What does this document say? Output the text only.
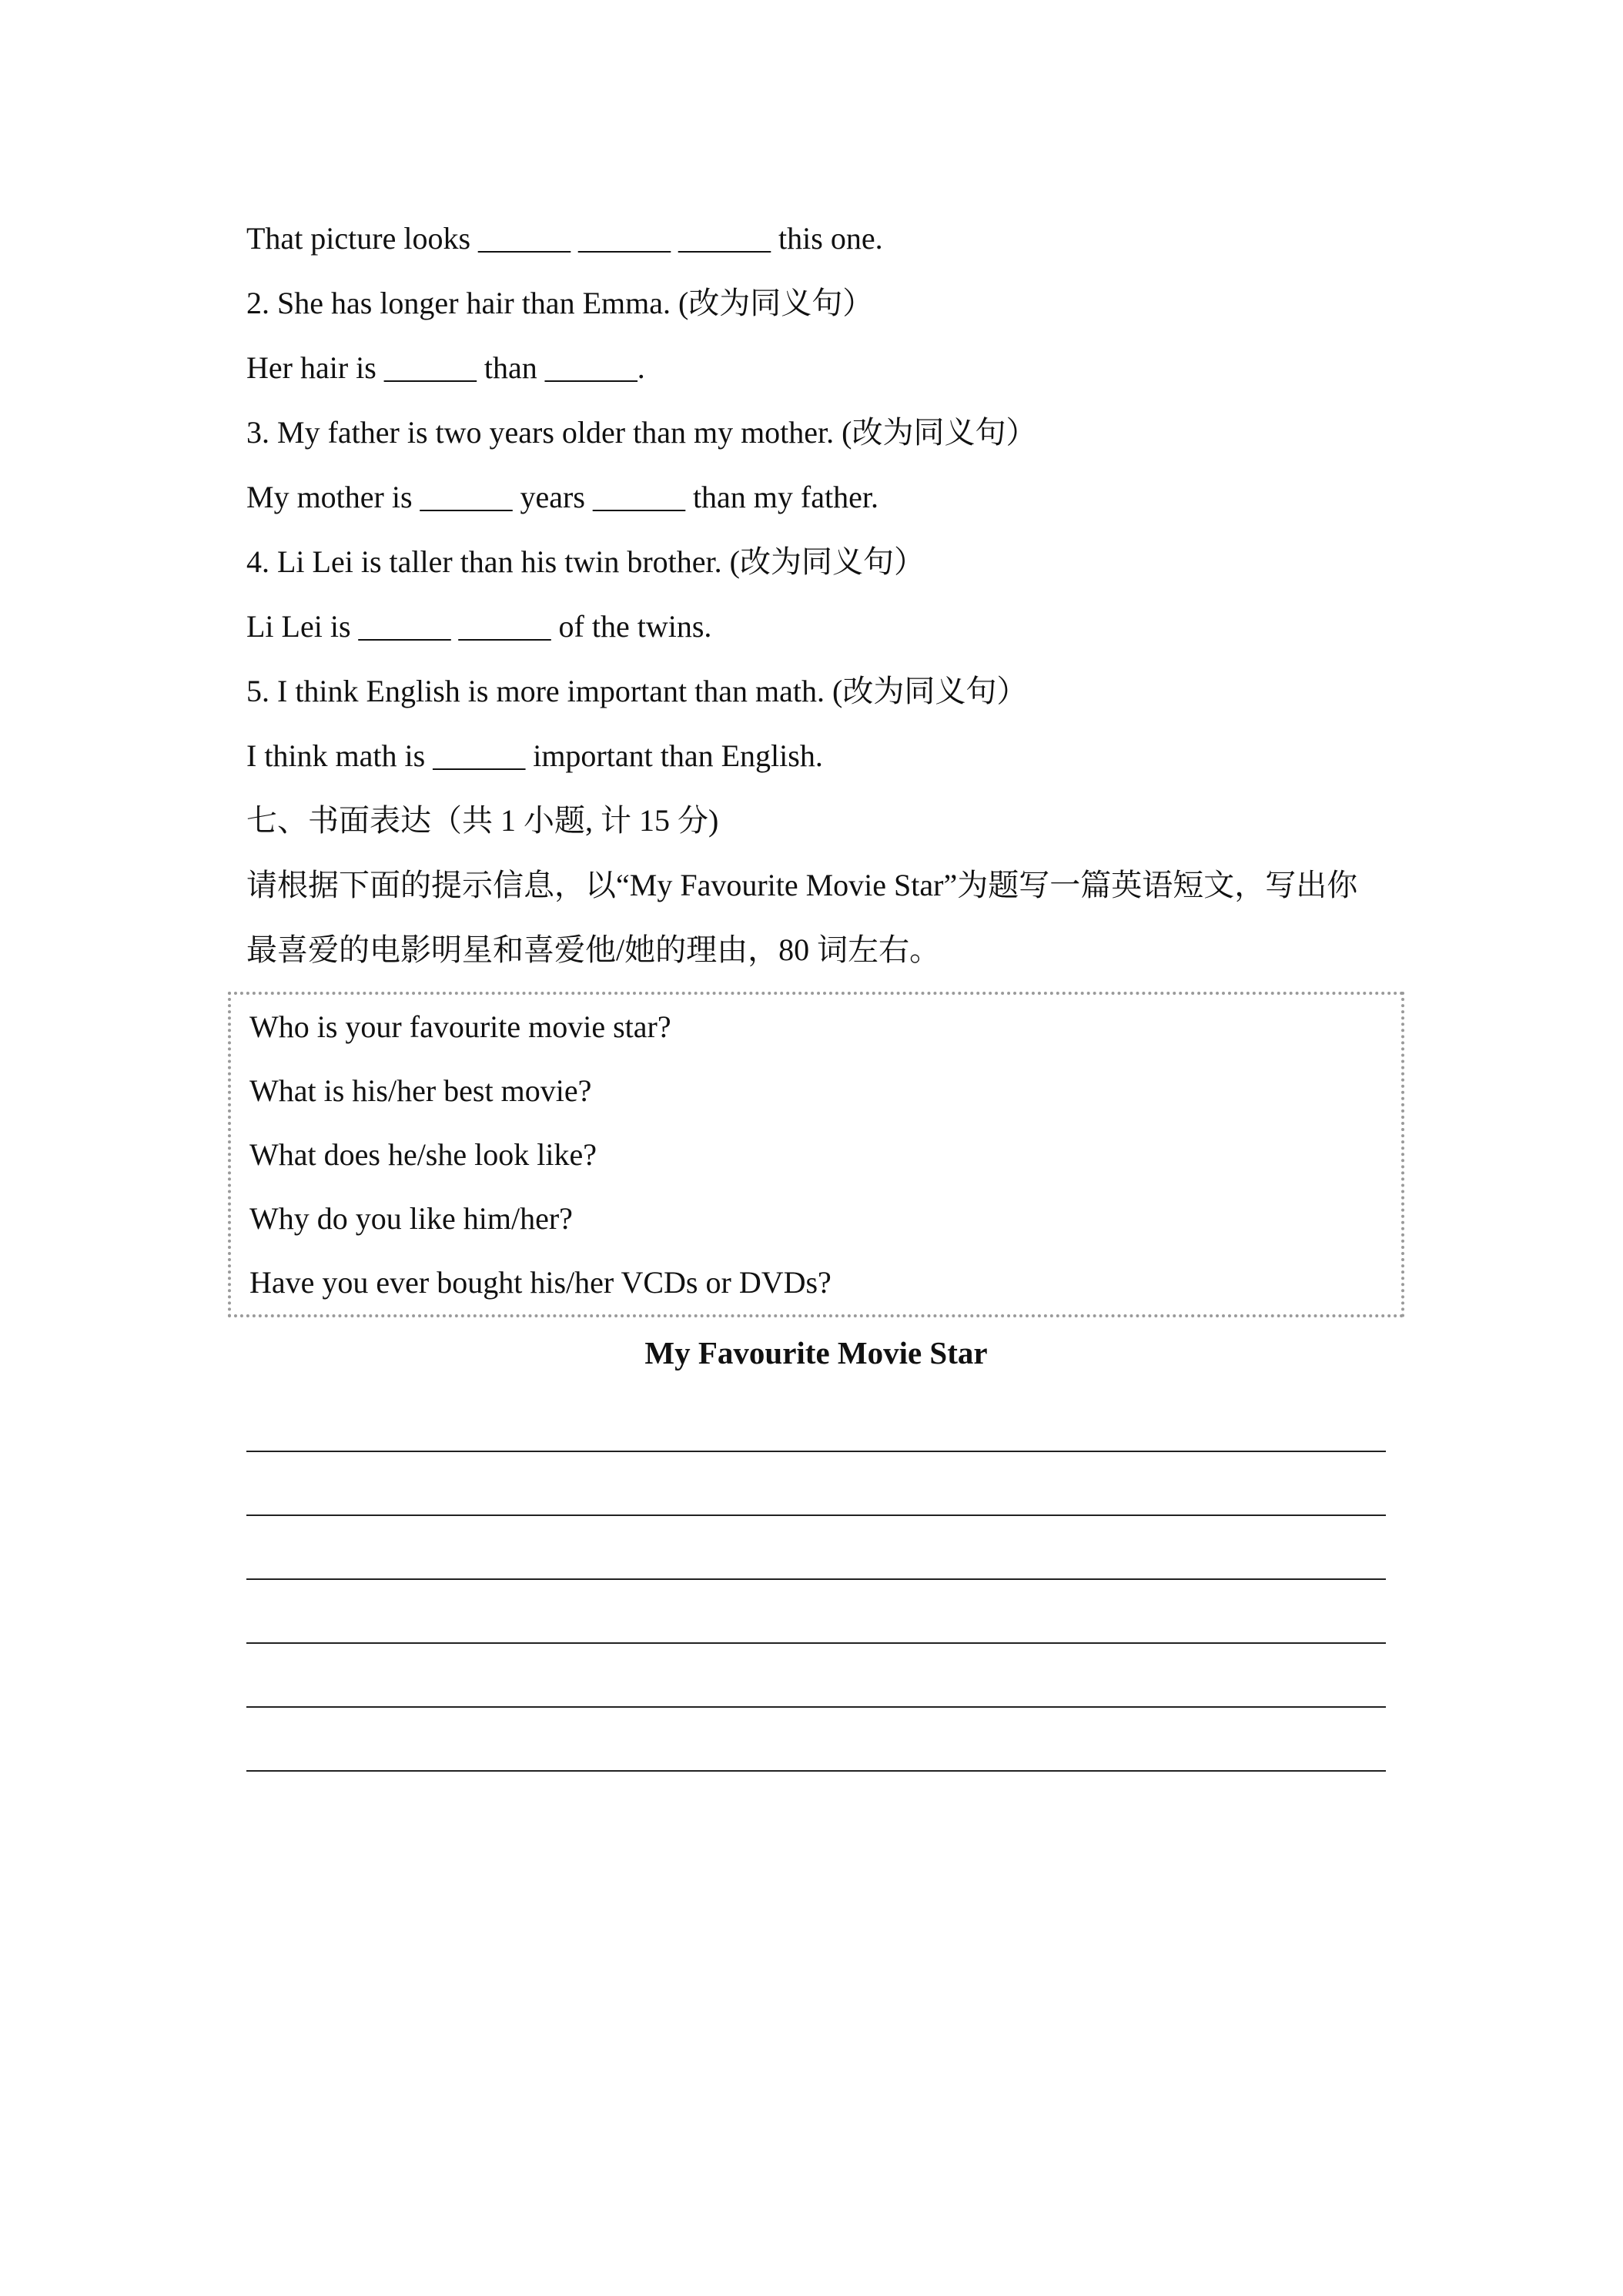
That picture looks ______ ______ ______ this one.
2. She has longer hair than Emma. (改为同义句）
Her hair is ______ than ______.
3. My father is two years older than my mother. (改为同义句）
My mother is ______ years ______ than my father.
4. Li Lei is taller than his twin brother. (改为同义句）
Li Lei is ______ ______ of the twins.
5. I think English is more important than math. (改为同义句）
I think math is ______ important than English.
七、书面表达（共 1 小题, 计 15 分)
请根据下面的提示信息，以“My Favourite Movie Star”为题写一篇英语短文，写出你最喜爱的电影明星和喜爱他/她的理由，80 词左右。
Who is your favourite movie star?
What is his/her best movie?
What does he/she look like?
Why do you like him/her?
Have you ever bought his/her VCDs or DVDs?
My Favourite Movie Star
